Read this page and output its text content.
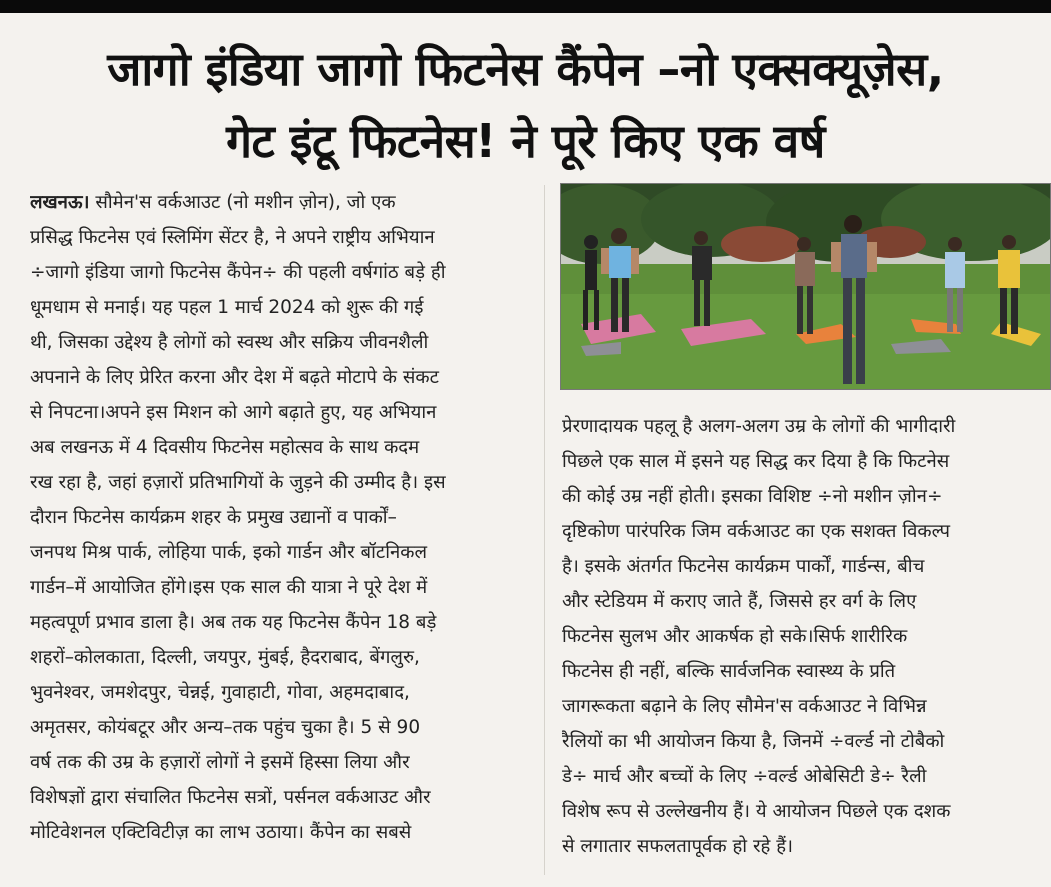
जागो इंडिया जागो फिटनेस कैंपेन –नो एक्सक्यूज़ेस,
गेट इंटू फिटनेस! ने पूरे किए एक वर्ष
लखनऊ। सौमेन'स वर्कआउट (नो मशीन ज़ोन), जो एक
प्रसिद्ध फिटनेस एवं स्लिमिंग सेंटर है, ने अपने राष्ट्रीय अभियान
÷जागो इंडिया जागो फिटनेस कैंपेन÷ की पहली वर्षगांठ बड़े ही
धूमधाम से मनाई। यह पहल 1 मार्च 2024 को शुरू की गई
थी, जिसका उद्देश्य है लोगों को स्वस्थ और सक्रिय जीवनशैली
अपनाने के लिए प्रेरित करना और देश में बढ़ते मोटापे के संकट
से निपटना।अपने इस मिशन को आगे बढ़ाते हुए, यह अभियान
अब लखनऊ में 4 दिवसीय फिटनेस महोत्सव के साथ कदम
रख रहा है, जहां हज़ारों प्रतिभागियों के जुड़ने की उम्मीद है। इस
दौरान फिटनेस कार्यक्रम शहर के प्रमुख उद्यानों व पार्कों–
जनपथ मिश्र पार्क, लोहिया पार्क, इको गार्डन और बॉटनिकल
गार्डन–में आयोजित होंगे।इस एक साल की यात्रा ने पूरे देश में
महत्वपूर्ण प्रभाव डाला है। अब तक यह फिटनेस कैंपेन 18 बड़े
शहरों–कोलकाता, दिल्ली, जयपुर, मुंबई, हैदराबाद, बेंगलुरु,
भुवनेश्वर, जमशेदपुर, चेन्नई, गुवाहाटी, गोवा, अहमदाबाद,
अमृतसर, कोयंबटूर और अन्य–तक पहुंच चुका है। 5 से 90
वर्ष तक की उम्र के हज़ारों लोगों ने इसमें हिस्सा लिया और
विशेषज्ञों द्वारा संचालित फिटनेस सत्रों, पर्सनल वर्कआउट और
मोटिवेशनल एक्टिविटीज़ का लाभ उठाया। कैंपेन का सबसे
प्रेरणादायक पहलू है अलग-अलग उम्र के लोगों की भागीदारी
पिछले एक साल में इसने यह सिद्ध कर दिया है कि फिटनेस
की कोई उम्र नहीं होती। इसका विशिष्ट ÷नो मशीन ज़ोन÷
दृष्टिकोण पारंपरिक जिम वर्कआउट का एक सशक्त विकल्प
है। इसके अंतर्गत फिटनेस कार्यक्रम पार्कों, गार्डन्स, बीच
और स्टेडियम में कराए जाते हैं, जिससे हर वर्ग के लिए
फिटनेस सुलभ और आकर्षक हो सके।सिर्फ शारीरिक
फिटनेस ही नहीं, बल्कि सार्वजनिक स्वास्थ्य के प्रति
जागरूकता बढ़ाने के लिए सौमेन'स वर्कआउट ने विभिन्न
रैलियों का भी आयोजन किया है, जिनमें ÷वर्ल्ड नो टोबैको
डे÷ मार्च और बच्चों के लिए ÷वर्ल्ड ओबेसिटी डे÷ रैली
विशेष रूप से उल्लेखनीय हैं। ये आयोजन पिछले एक दशक
से लगातार सफलतापूर्वक हो रहे हैं।
